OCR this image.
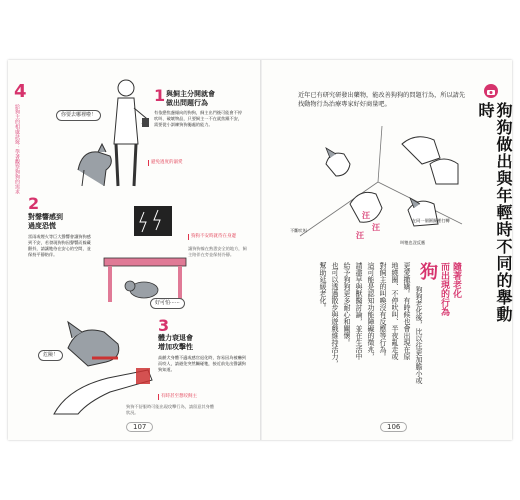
4
給狗主的相處訣竅：學著觀察狗狗的需求
1 與飼主分開就會
做出問題行為
有依戀焦慮傾向的狗狗，飼主出門後可能會不停吠叫、破壞物品，只要飼主一不在就焦躁不安，需要從小訓練狗狗獨處的能力。
你要去哪裡啦！
避免過度的溺愛
2
對聲響感到
過度恐慌
雷雨或煙火等巨大聲響會讓狗狗感到不安，若發現狗狗因聲響而躲藏顫抖，請讓牠待在安心的空間，並保持平靜陪伴。
狗狗不安時就待在身邊
讓狗狗躲在熟悉安全的地方，飼主陪伴在旁並保持冷靜。
好可怕⋯⋯
3
體力衰退會
增加攻擊性
高齡犬身體不適或感官退化時，容易因為被嚇到而咬人，請避免突然觸碰牠，接近前先出聲讓狗狗知道。
危險！
有時甚至想咬飼主
狗狗不舒服時可能出現攻擊行為，請留意其身體狀況。
107
近年已有研究研發出藥物，能改善狗狗的問題行為，所以請先找動物行為治療專家好好商量吧。	狗狗做出與年輕時不同的舉動時
不斷吠叫
在同一個圓圈裡打轉
叫牠也沒反應
汪
汪
汪
隨著老化
而出現的行為
狗
狗狗老化後，比以往更加膽小或
更愛撒嬌。有時候也會出現在原
地繞圈、不停吠叫、半夜亂走或
對飼主的叫喚沒有反應等行為。
這可能是認知功能障礙的徵兆，
請盡早與獸醫討論，並在生活中
給予狗狗更多耐心和關懷。
也可以透過散步與遊戲維持活力，
幫助延緩老化。
106
